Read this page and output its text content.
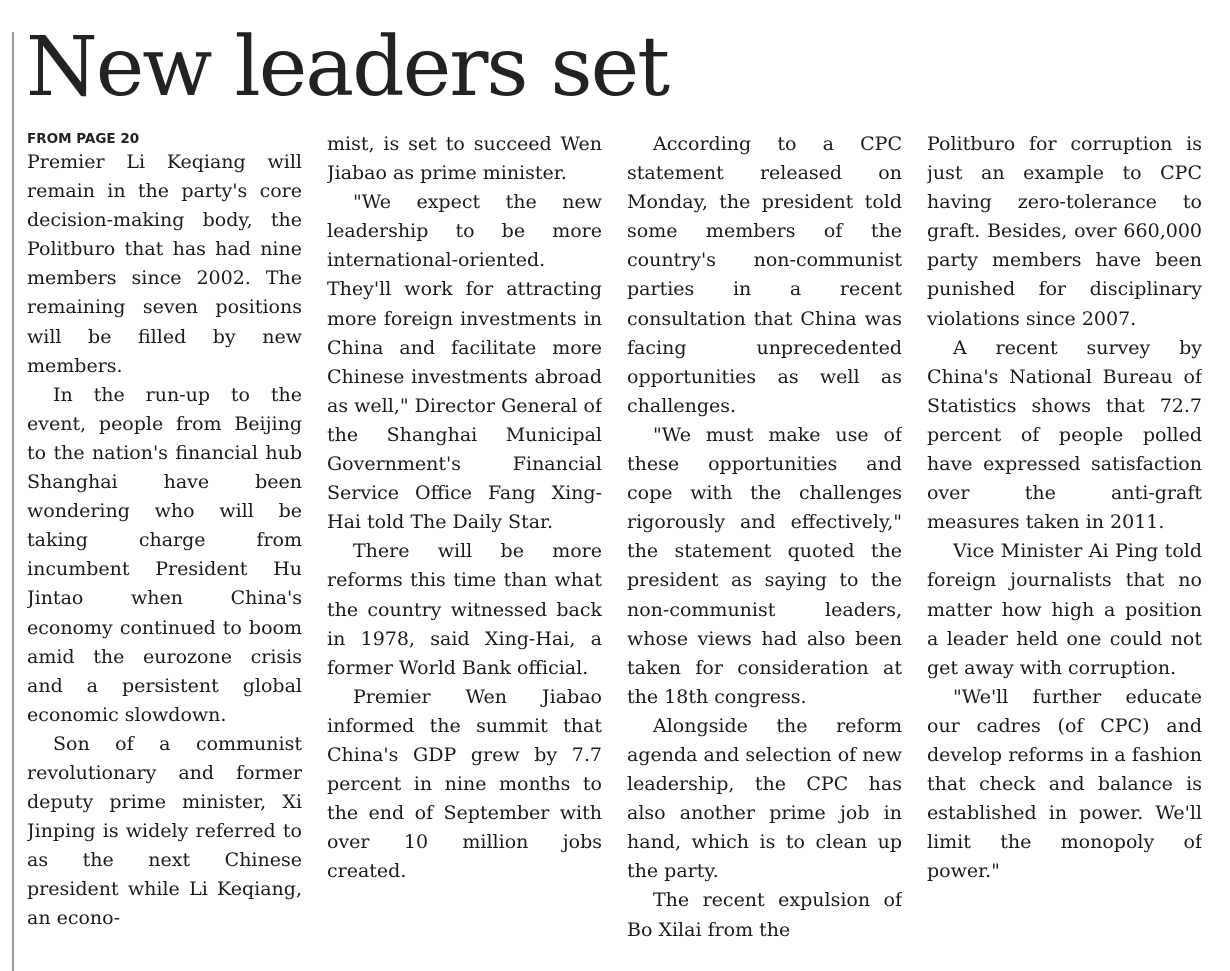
New leaders set
FROM PAGE 20

Premier Li Keqiang will remain in the party's core decision-making body, the Politburo that has had nine members since 2002. The remaining seven positions will be filled by new members.

In the run-up to the event, people from Beijing to the nation's financial hub Shanghai have been wondering who will be taking charge from incumbent President Hu Jintao when China's economy continued to boom amid the eurozone crisis and a persistent global economic slowdown.

Son of a communist revolutionary and former deputy prime minister, Xi Jinping is widely referred to as the next Chinese president while Li Keqiang, an econo-

mist, is set to succeed Wen Jiabao as prime minister.

"We expect the new leadership to be more international-oriented. They'll work for attracting more foreign investments in China and facilitate more Chinese investments abroad as well," Director General of the Shanghai Municipal Government's Financial Service Office Fang Xing-Hai told The Daily Star.

There will be more reforms this time than what the country witnessed back in 1978, said Xing-Hai, a former World Bank official.

Premier Wen Jiabao informed the summit that China's GDP grew by 7.7 percent in nine months to the end of September with over 10 million jobs created.

According to a CPC statement released on Monday, the president told some members of the country's non-communist parties in a recent consultation that China was facing unprecedented opportunities as well as challenges.

"We must make use of these opportunities and cope with the challenges rigorously and effectively," the statement quoted the president as saying to the non-communist leaders, whose views had also been taken for consideration at the 18th congress.

Alongside the reform agenda and selection of new leadership, the CPC has also another prime job in hand, which is to clean up the party.

The recent expulsion of Bo Xilai from the

Politburo for corruption is just an example to CPC having zero-tolerance to graft. Besides, over 660,000 party members have been punished for disciplinary violations since 2007.

A recent survey by China's National Bureau of Statistics shows that 72.7 percent of people polled have expressed satisfaction over the anti-graft measures taken in 2011.

Vice Minister Ai Ping told foreign journalists that no matter how high a position a leader held one could not get away with corruption.

"We'll further educate our cadres (of CPC) and develop reforms in a fashion that check and balance is established in power. We'll limit the monopoly of power."
